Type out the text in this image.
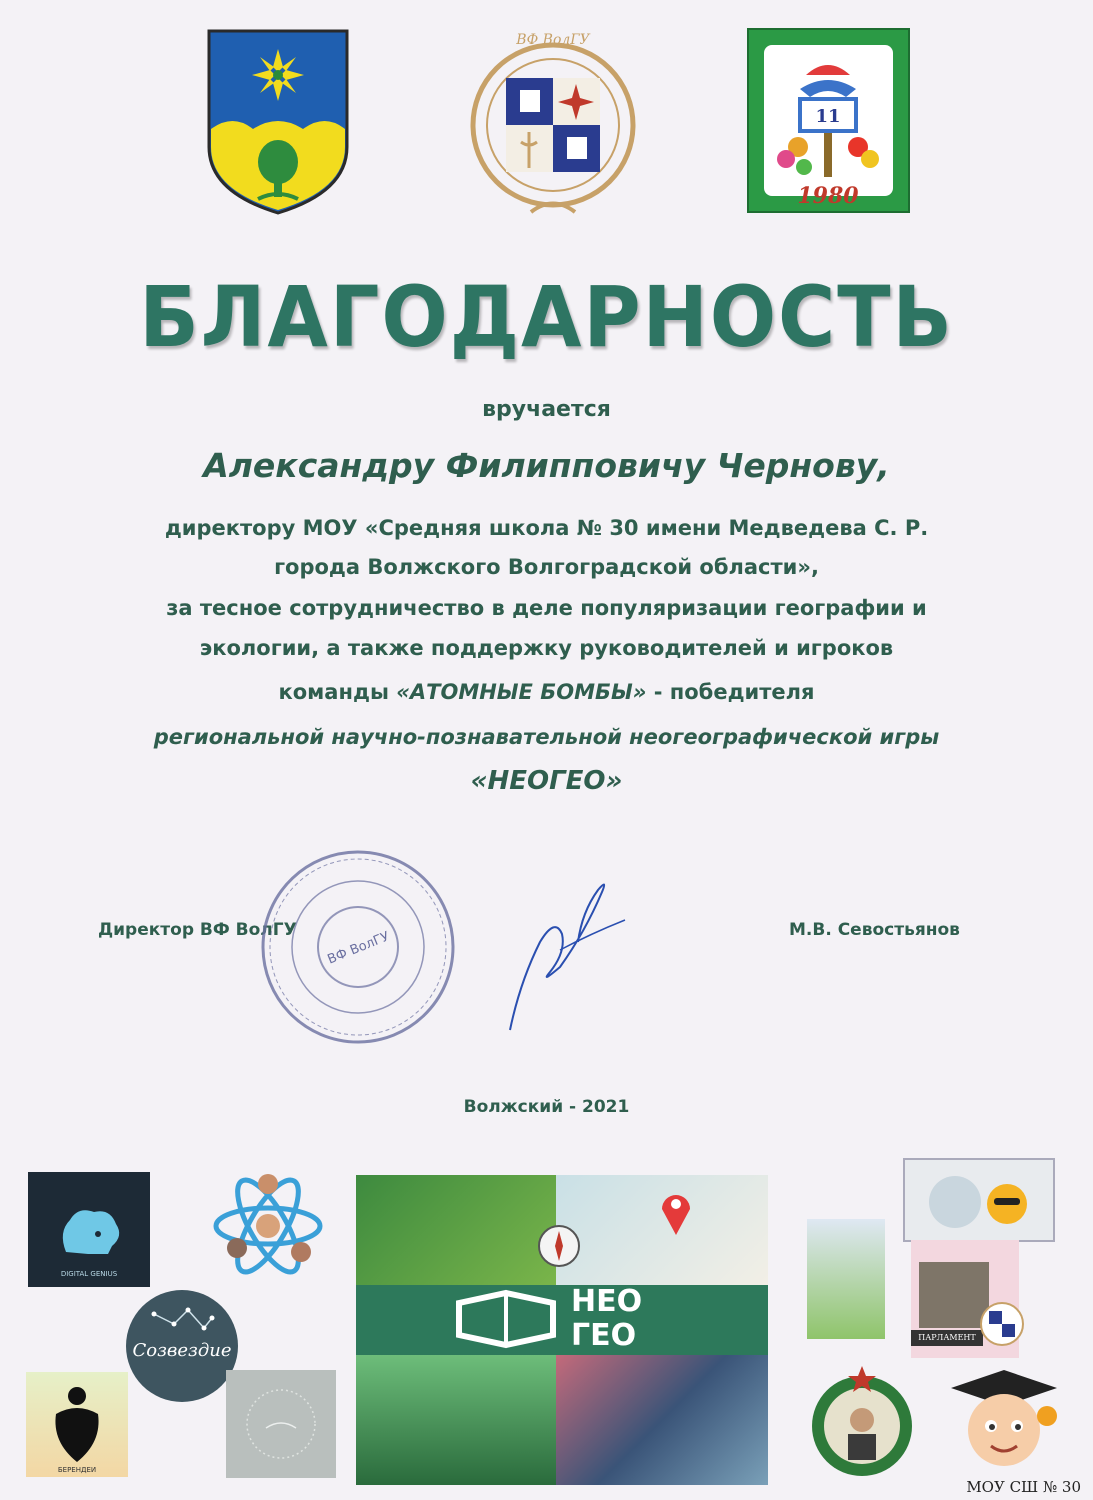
ВФ ВолГУ
11
1980
БЛАГОДАРНОСТЬ
вручается
Александру Филипповичу Чернову,
директору МОУ «Средняя школа № 30 имени Медведева С. Р.
города Волжского Волгоградской области»,
за тесное сотрудничество в деле популяризации географии и
экологии, а также поддержку руководителей и игроков
команды «АТОМНЫЕ БОМБЫ» - победителя
региональной научно-познавательной неогеографической игры
«НЕОГЕО»
Директор ВФ ВолГУ ВФ ВолГУ	М.В. Севостьянов
Волжский - 2021
DIGITAL GENIUS
Созвездие
БЕРЕНДЕИ
НЕО
ГЕО	ПАРЛАМЕНТ
МОУ СШ № 30
